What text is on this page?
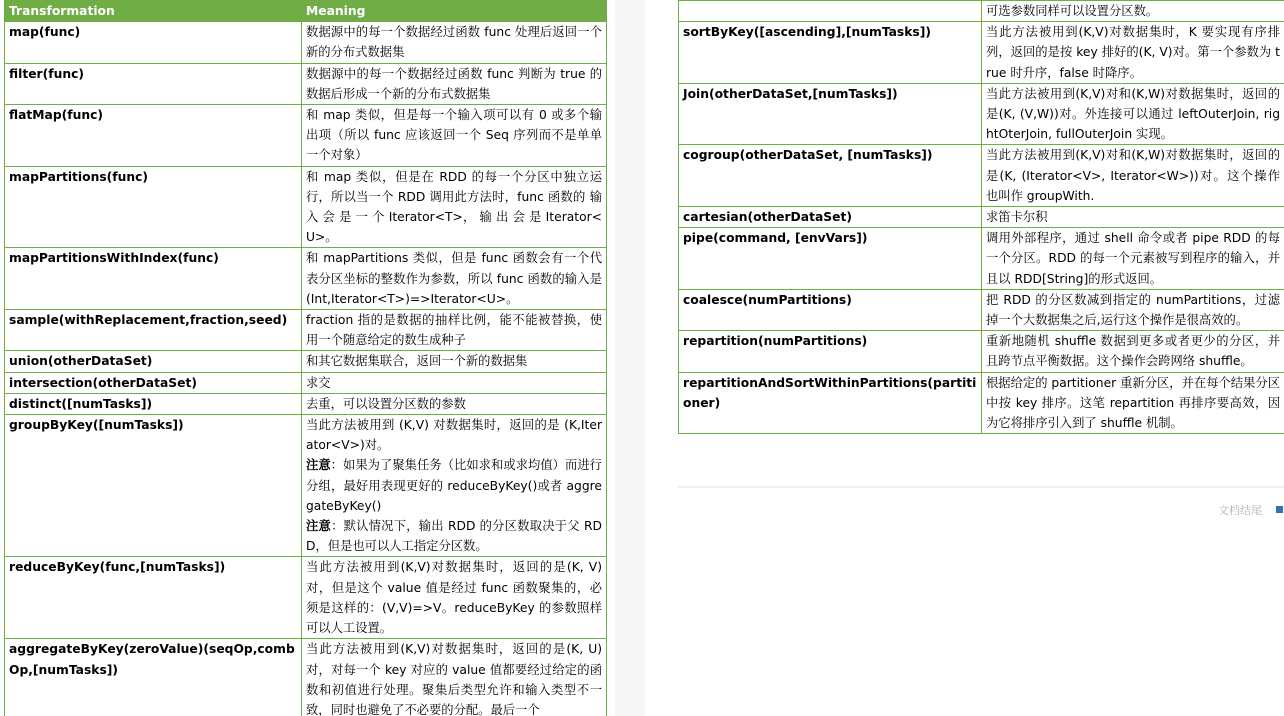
Transformation	Meaning
map(func)	数据源中的每一个数据经过函数 func 处理后返回一个新的分布式数据集
filter(func)	数据源中的每一个数据经过函数 func 判断为 true 的数据后形成一个新的分布式数据集
flatMap(func)	和 map 类似，但是每一个输入项可以有 0 或多个输出项（所以 func 应该返回一个 Seq 序列而不是单单一个对象）
mapPartitions(func)	和 map 类似，但是在 RDD 的每一个分区中独立运行，所以当一个 RDD 调用此方法时，func 函数的 输 入 会 是 一 个 Iterator<T>， 输 出 会 是 Iterator<U>。
mapPartitionsWithIndex(func)	和 mapPartitions 类似，但是 func 函数会有一个代表分区坐标的整数作为参数，所以 func 函数的输入是(Int,Iterator<T>)=>Iterator<U>。
sample(withReplacement,fraction,seed)	fraction 指的是数据的抽样比例，能不能被替换，使用一个随意给定的数生成种子
union(otherDataSet)	和其它数据集联合，返回一个新的数据集
intersection(otherDataSet)	求交
distinct([numTasks])	去重，可以设置分区数的参数
groupByKey([numTasks])	当此方法被用到 (K,V) 对数据集时，返回的是 (K,Iterator<V>)对。
注意：如果为了聚集任务（比如求和或求均值）而进行分组，最好用表现更好的 reduceByKey()或者 aggregateByKey()
注意：默认情况下，输出 RDD 的分区数取决于父 RDD，但是也可以人工指定分区数。

reduceByKey(func,[numTasks])	当此方法被用到(K,V)对数据集时，返回的是(K, V)对，但是这个 value 值是经过 func 函数聚集的，必须是这样的：(V,V)=>V。reduceByKey 的参数照样可以人工设置。
aggregateByKey(zeroValue)(seqOp,combOp,[numTasks])	当此方法被用到(K,V)对数据集时，返回的是(K, U)对，对每一个 key 对应的 value 值都要经过给定的函数和初值进行处理。聚集后类型允许和输入类型不一致，同时也避免了不必要的分配。最后一个
	可选参数同样可以设置分区数。
sortByKey([ascending],[numTasks])	当此方法被用到(K,V)对数据集时，K 要实现有序排列，返回的是按 key 排好的(K, V)对。第一个参数为 true 时升序，false 时降序。
Join(otherDataSet,[numTasks])	当此方法被用到(K,V)对和(K,W)对数据集时，返回的是(K, (V,W))对。外连接可以通过 leftOuterJoin, rightOterJoin, fullOuterJoin 实现。
cogroup(otherDataSet, [numTasks])	当此方法被用到(K,V)对和(K,W)对数据集时，返回的是(K, (Iterator<V>, Iterator<W>))对。这个操作也叫作 groupWith.
cartesian(otherDataSet)	求笛卡尔积
pipe(command, [envVars])	调用外部程序，通过 shell 命令或者 pipe RDD 的每一个分区。RDD 的每一个元素被写到程序的输入，并且以 RDD[String]的形式返回。
coalesce(numPartitions)	把 RDD 的分区数减到指定的 numPartitions，过滤掉一个大数据集之后,运行这个操作是很高效的。
repartition(numPartitions)	重新地随机 shuffle 数据到更多或者更少的分区，并且跨节点平衡数据。这个操作会跨网络 shuffle。
repartitionAndSortWithinPartitions(partitioner)	根据给定的 partitioner 重新分区，并在每个结果分区中按 key 排序。这笔 repartition 再排序要高效，因为它将排序引入到了 shuffle 机制。
文档结尾
